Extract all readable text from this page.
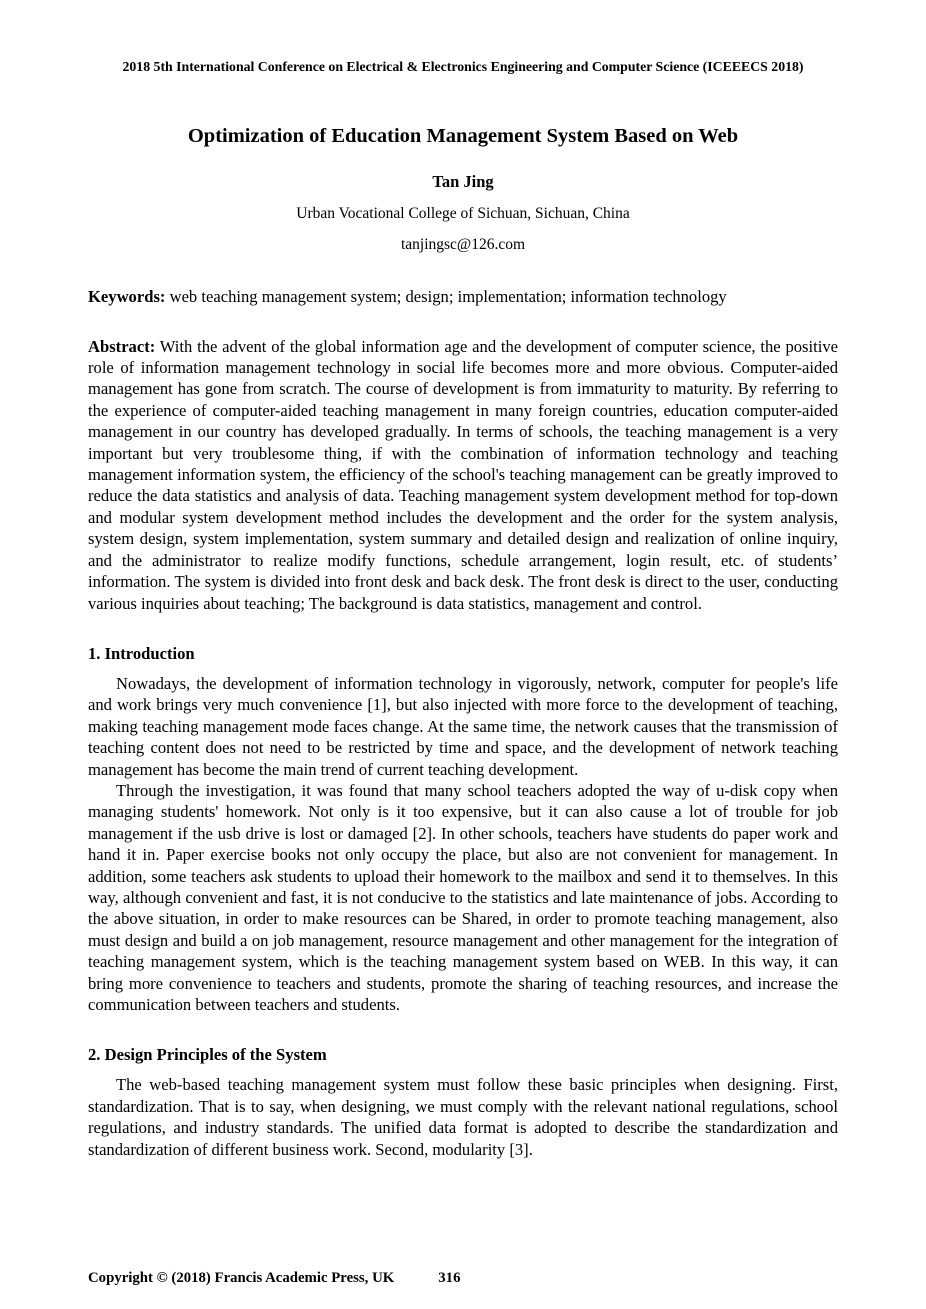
2018 5th International Conference on Electrical & Electronics Engineering and Computer Science (ICEEECS 2018)

Optimization of Education Management System Based on Web

Tan Jing

Urban Vocational College of Sichuan, Sichuan, China

tanjingsc@126.com

Keywords: web teaching management system; design; implementation; information technology

Abstract: With the advent of the global information age and the development of computer science, the positive role of information management technology in social life becomes more and more obvious. Computer-aided management has gone from scratch. The course of development is from immaturity to maturity. By referring to the experience of computer-aided teaching management in many foreign countries, education computer-aided management in our country has developed gradually. In terms of schools, the teaching management is a very important but very troublesome thing, if with the combination of information technology and teaching management information system, the efficiency of the school's teaching management can be greatly improved to reduce the data statistics and analysis of data. Teaching management system development method for top-down and modular system development method includes the development and the order for the system analysis, system design, system implementation, system summary and detailed design and realization of online inquiry, and the administrator to realize modify functions, schedule arrangement, login result, etc. of students’ information. The system is divided into front desk and back desk. The front desk is direct to the user, conducting various inquiries about teaching; The background is data statistics, management and control.

1. Introduction

Nowadays, the development of information technology in vigorously, network, computer for people's life and work brings very much convenience [1], but also injected with more force to the development of teaching, making teaching management mode faces change. At the same time, the network causes that the transmission of teaching content does not need to be restricted by time and space, and the development of network teaching management has become the main trend of current teaching development.

Through the investigation, it was found that many school teachers adopted the way of u-disk copy when managing students' homework. Not only is it too expensive, but it can also cause a lot of trouble for job management if the usb drive is lost or damaged [2]. In other schools, teachers have students do paper work and hand it in. Paper exercise books not only occupy the place, but also are not convenient for management. In addition, some teachers ask students to upload their homework to the mailbox and send it to themselves. In this way, although convenient and fast, it is not conducive to the statistics and late maintenance of jobs. According to the above situation, in order to make resources can be Shared, in order to promote teaching management, also must design and build a on job management, resource management and other management for the integration of teaching management system, which is the teaching management system based on WEB. In this way, it can bring more convenience to teachers and students, promote the sharing of teaching resources, and increase the communication between teachers and students.

2. Design Principles of the System

The web-based teaching management system must follow these basic principles when designing. First, standardization. That is to say, when designing, we must comply with the relevant national regulations, school regulations, and industry standards. The unified data format is adopted to describe the standardization and standardization of different business work. Second, modularity [3].

Copyright © (2018) Francis Academic Press, UK	316
